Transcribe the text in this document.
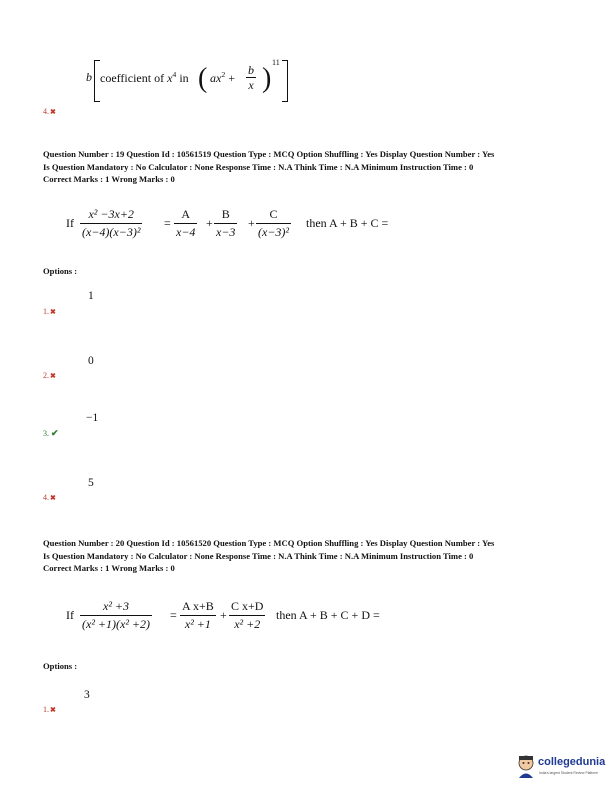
b coefficient of $x^4$ in ( $ax^2 + \frac{b}{x}$ )
11
4.✖
Question Number : 19 Question Id : 10561519 Question Type : MCQ Option Shuffling : Yes Display Question Number : Yes
Is Question Mandatory : No Calculator : None Response Time : N.A Think Time : N.A Minimum Instruction Time : 0
Correct Marks : 1 Wrong Marks : 0
If $\frac{\text{x² −3x+2}}{\text{(x−4)(x−3)²}} = \frac{A}{x-4} + \frac{B}{x-3} + \frac{C}{\text{(x−3)²}}$ then A + B + C =
Options :
1
1.✖
0
2.✖
−1
3. ✔
5
4.✖
Question Number : 20 Question Id : 10561520 Question Type : MCQ Option Shuffling : Yes Display Question Number : Yes
Is Question Mandatory : No Calculator : None Response Time : N.A Think Time : N.A Minimum Instruction Time : 0
Correct Marks : 1 Wrong Marks : 0
If $\frac{\text{x² +3}}{\text{(x² +1)(x² +2)}} = \frac{\text{A x+B}}{\text{x² +1}} + \frac{\text{C x+D}}{\text{x² +2}}$ then A + B + C + D =
Options :
3
1.✖
collegedunia
India's largest Student Review Platform
